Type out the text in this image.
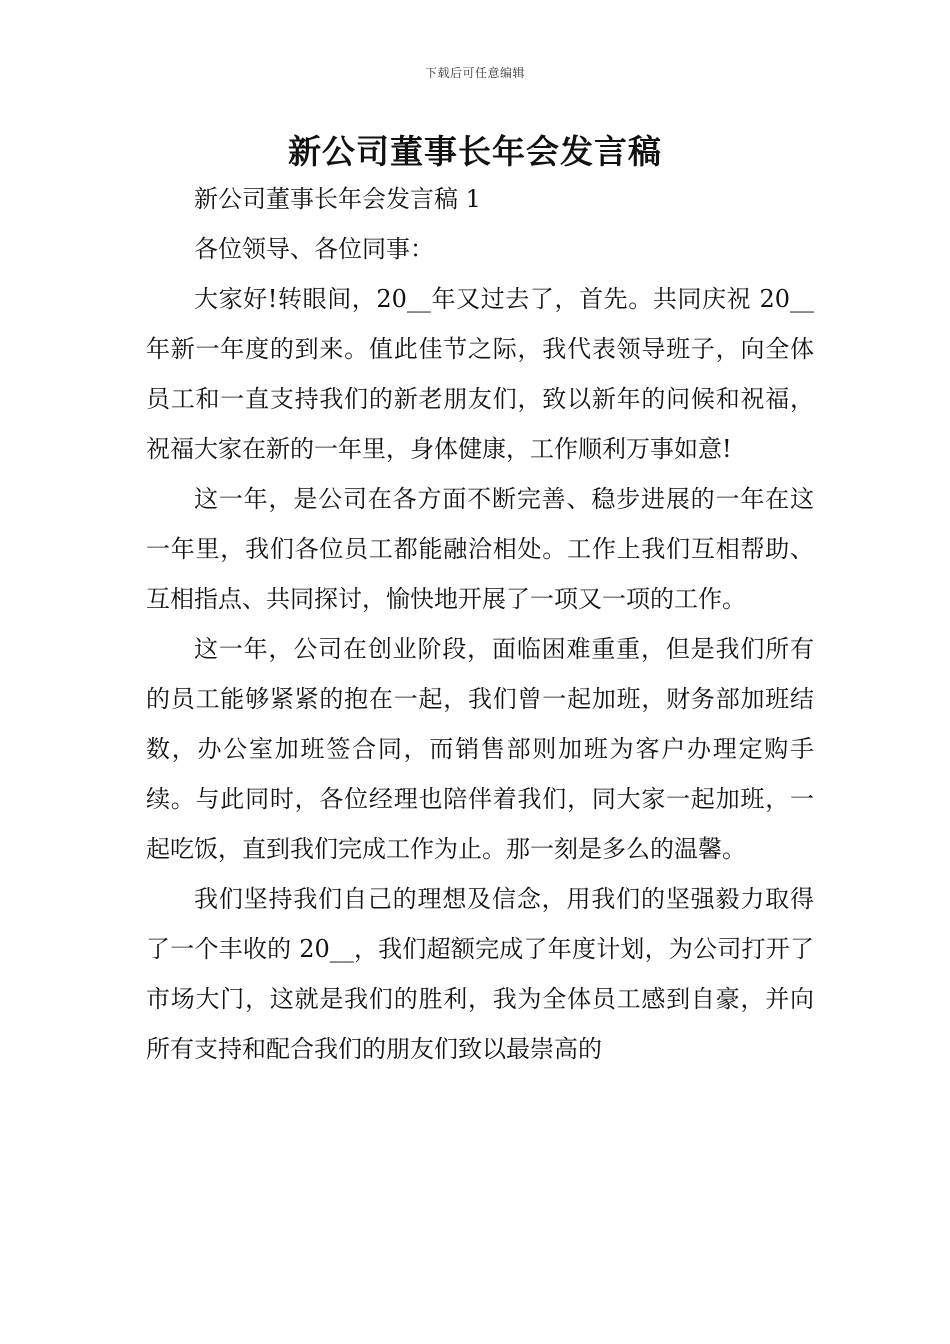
下载后可任意编辑
新公司董事长年会发言稿

新公司董事长年会发言稿 1

各位领导、各位同事：

大家好!转眼间，20__年又过去了，首先。共同庆祝 20__年新一年度的到来。值此佳节之际，我代表领导班子，向全体员工和一直支持我们的新老朋友们，致以新年的问候和祝福，祝福大家在新的一年里，身体健康，工作顺利万事如意!

这一年，是公司在各方面不断完善、稳步进展的一年在这一年里，我们各位员工都能融洽相处。工作上我们互相帮助、互相指点、共同探讨，愉快地开展了一项又一项的工作。

这一年，公司在创业阶段，面临困难重重，但是我们所有的员工能够紧紧的抱在一起，我们曾一起加班，财务部加班结数，办公室加班签合同，而销售部则加班为客户办理定购手续。与此同时，各位经理也陪伴着我们，同大家一起加班，一起吃饭，直到我们完成工作为止。那一刻是多么的温馨。

我们坚持我们自己的理想及信念，用我们的坚强毅力取得了一个丰收的 20__，我们超额完成了年度计划，为公司打开了市场大门，这就是我们的胜利，我为全体员工感到自豪，并向所有支持和配合我们的朋友们致以最崇高的
